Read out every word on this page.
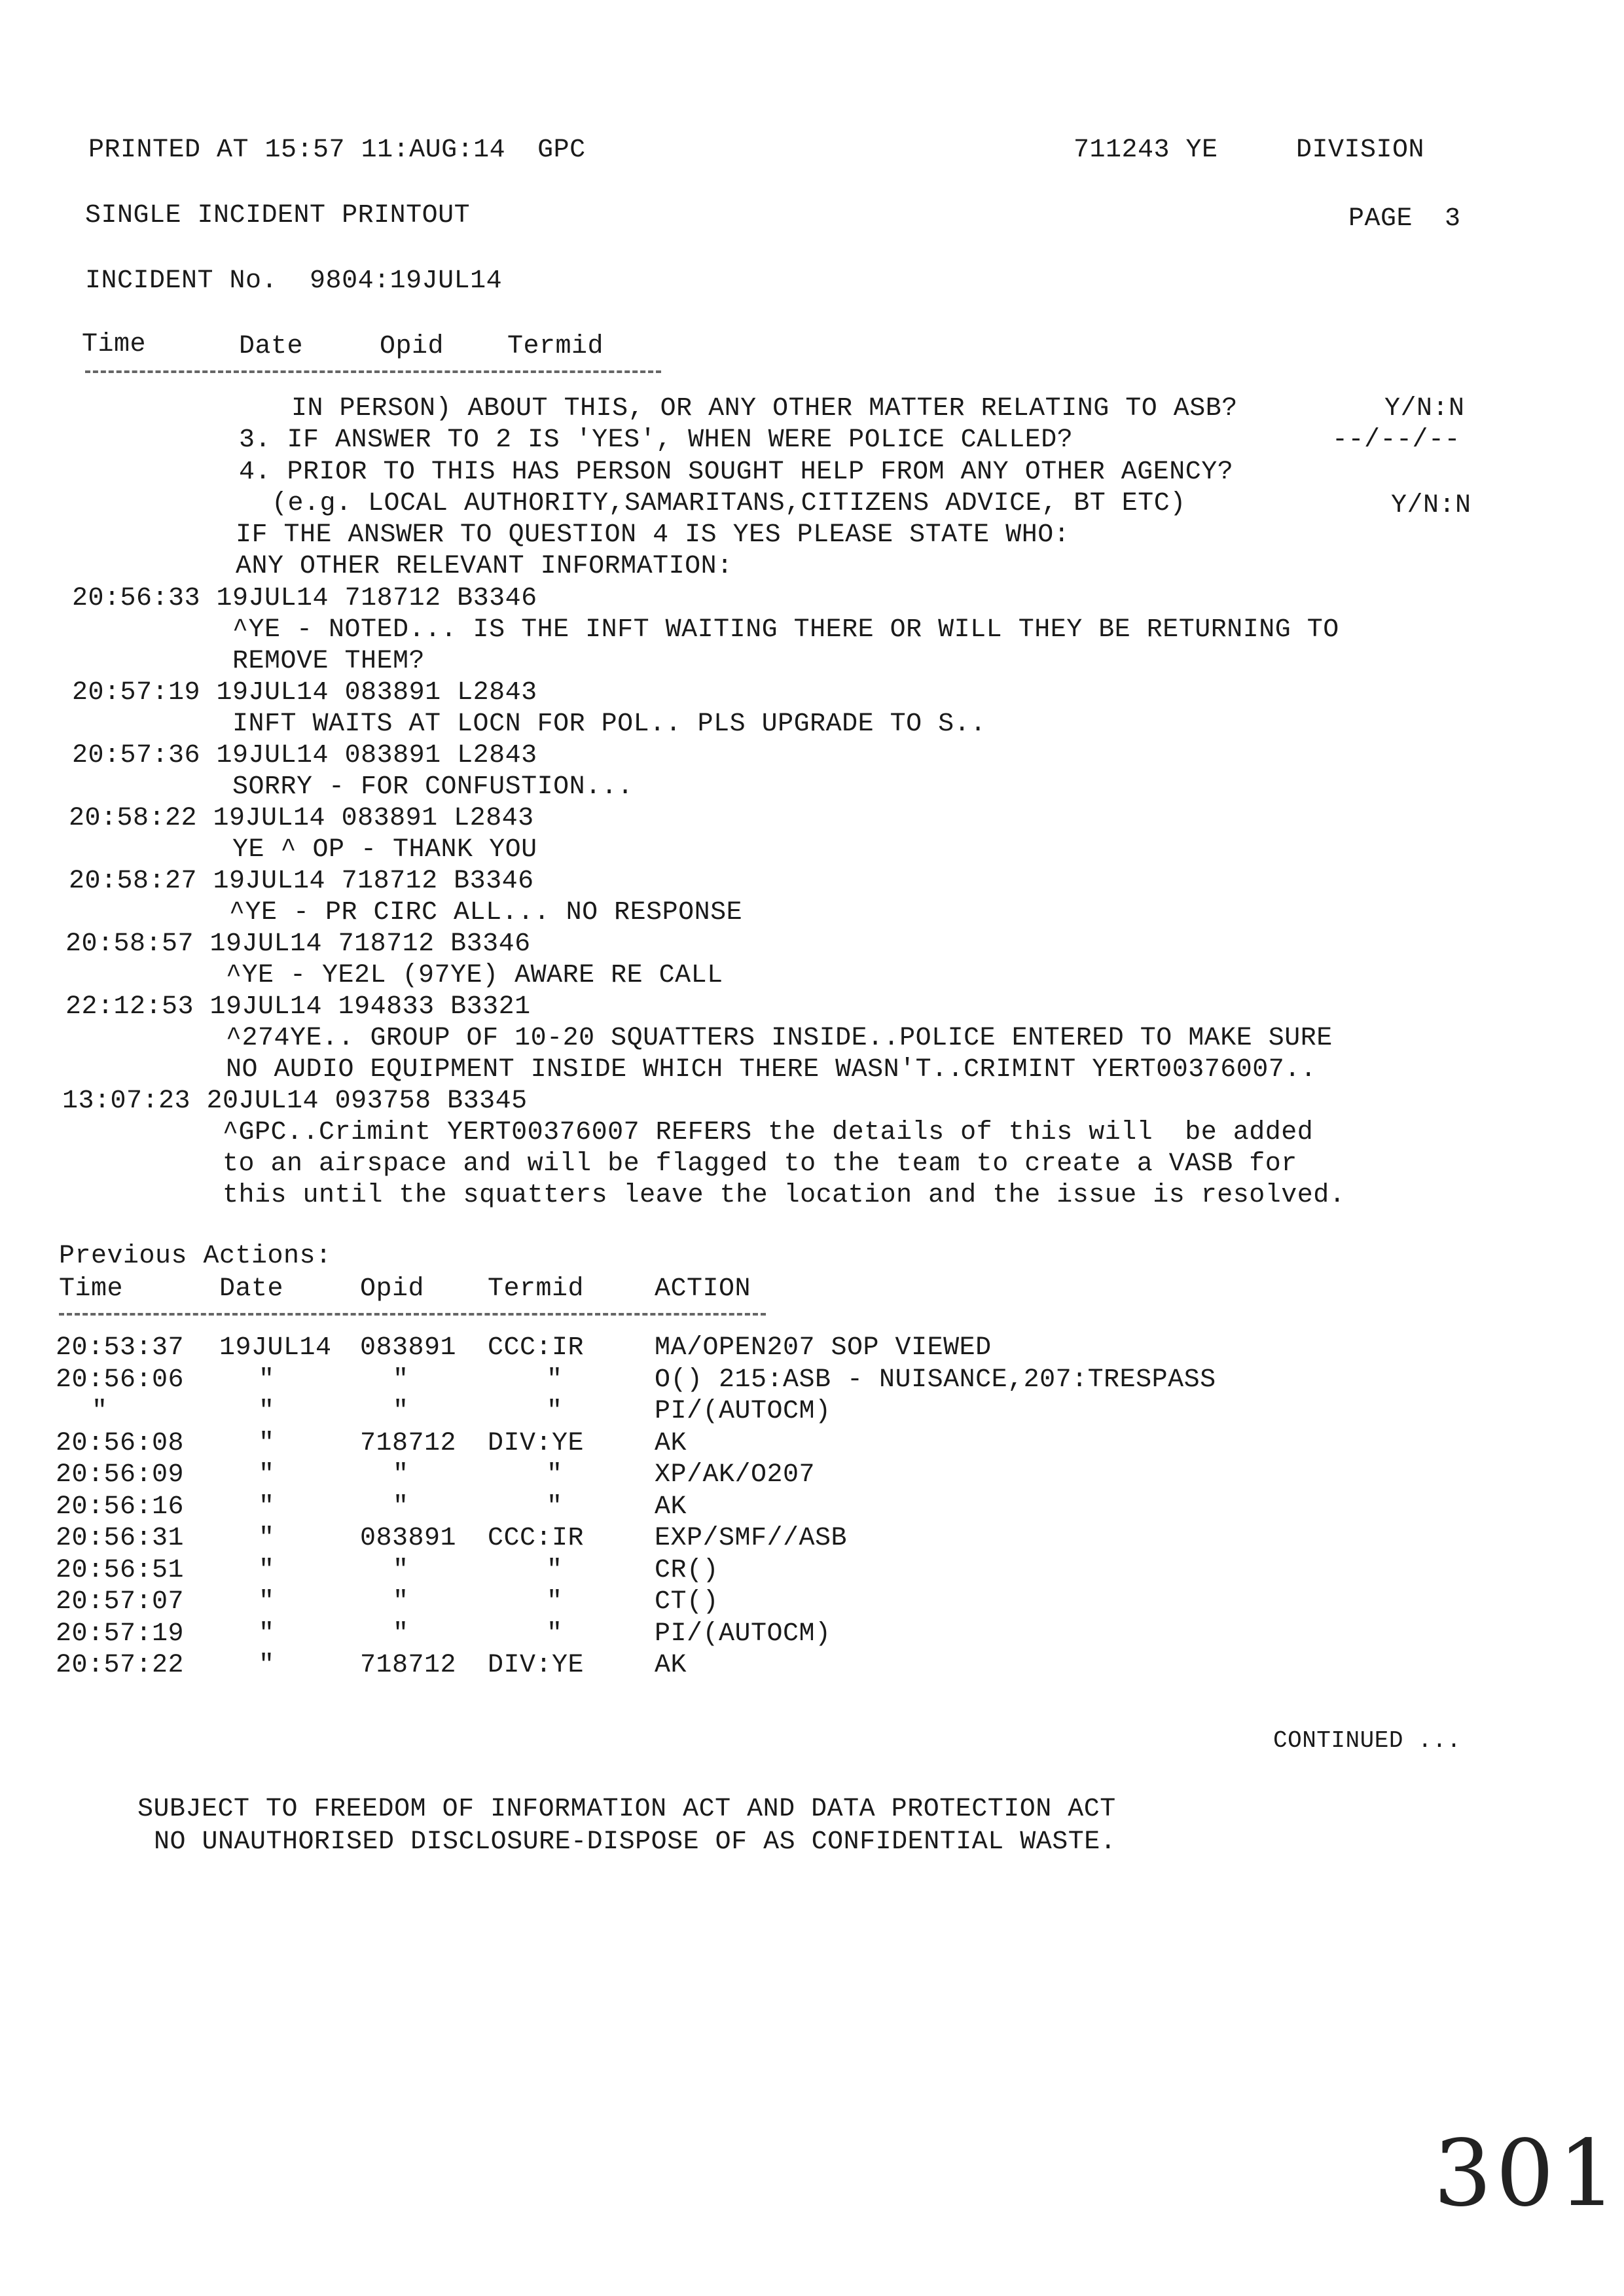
PRINTED AT 15:57 11:AUG:14  GPC	711243 YE	DIVISION
SINGLE INCIDENT PRINTOUT	PAGE  3
INCIDENT No.  9804:19JUL14
Time	Date	Opid Termid
IN PERSON) ABOUT THIS, OR ANY OTHER MATTER RELATING TO ASB?	Y/N:N
3. IF ANSWER TO 2 IS 'YES', WHEN WERE POLICE CALLED?	--/--/--
4. PRIOR TO THIS HAS PERSON SOUGHT HELP FROM ANY OTHER AGENCY?
(e.g. LOCAL AUTHORITY,SAMARITANS,CITIZENS ADVICE, BT ETC)	Y/N:N
IF THE ANSWER TO QUESTION 4 IS YES PLEASE STATE WHO:
ANY OTHER RELEVANT INFORMATION:
20:56:33 19JUL14 718712 B3346
^YE - NOTED... IS THE INFT WAITING THERE OR WILL THEY BE RETURNING TO
REMOVE THEM?
20:57:19 19JUL14 083891 L2843
INFT WAITS AT LOCN FOR POL.. PLS UPGRADE TO S..
20:57:36 19JUL14 083891 L2843
SORRY - FOR CONFUSTION...
20:58:22 19JUL14 083891 L2843
YE ^ OP - THANK YOU
20:58:27 19JUL14 718712 B3346
^YE - PR CIRC ALL... NO RESPONSE
20:58:57 19JUL14 718712 B3346
^YE - YE2L (97YE) AWARE RE CALL
22:12:53 19JUL14 194833 B3321
^274YE.. GROUP OF 10-20 SQUATTERS INSIDE..POLICE ENTERED TO MAKE SURE
NO AUDIO EQUIPMENT INSIDE WHICH THERE WASN'T..CRIMINT YERT00376007..
13:07:23 20JUL14 093758 B3345
^GPC..Crimint YERT00376007 REFERS the details of this will  be added
to an airspace and will be flagged to the team to create a VASB for
this until the squatters leave the location and the issue is resolved.
Previous Actions:
Time	Date	Opid Termid	ACTION
20:53:37 19JUL14 083891 CCC:IR	MA/OPEN207 SOP VIEWED
20:56:06	"	"	"	O() 215:ASB - NUISANCE,207:TRESPASS
"	"	"	"	PI/(AUTOCM)
20:56:08	"	718712 DIV:YE	AK
20:56:09	"	"	"	XP/AK/O207
20:56:16	"	"	"	AK
20:56:31	"	083891 CCC:IR	EXP/SMF//ASB
20:56:51	"	"	"	CR()
20:57:07	"	"	"	CT()
20:57:19	"	"	"	PI/(AUTOCM)
20:57:22	"	718712 DIV:YE	AK
CONTINUED ...
SUBJECT TO FREEDOM OF INFORMATION ACT AND DATA PROTECTION ACT
NO UNAUTHORISED DISCLOSURE-DISPOSE OF AS CONFIDENTIAL WASTE.
301
